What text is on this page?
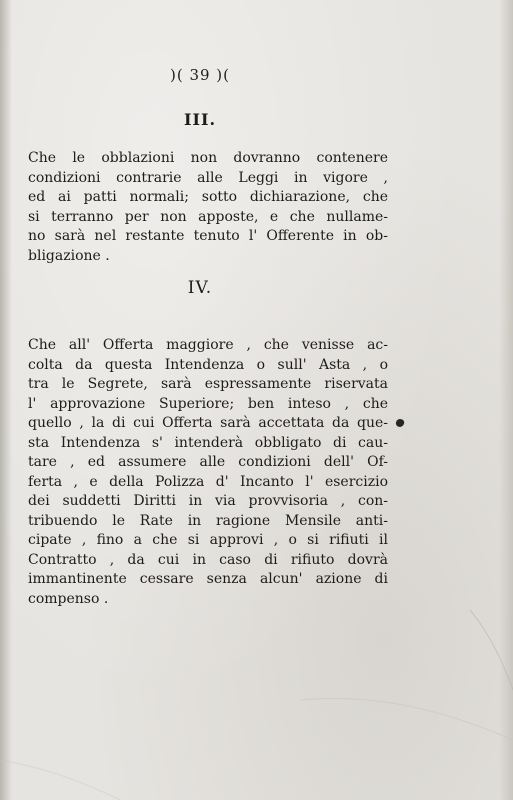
)( 39 )(
III.
Che le obblazioni non dovranno contenere
condizioni contrarie alle Leggi in vigore ,
ed ai patti normali; sotto dichiarazione, che
si terranno per non apposte, e che nullame-
no sarà nel restante tenuto l' Offerente in ob-
bligazione .
IV.
Che all' Offerta maggiore , che venisse ac-
colta da questa Intendenza o sull' Asta , o
tra le Segrete, sarà espressamente riservata
l' approvazione Superiore; ben inteso , che
quello , la di cui Offerta sarà accettata da que-
sta Intendenza s' intenderà obbligato di cau-
tare , ed assumere alle condizioni dell' Of-
ferta , e della Polizza d' Incanto l' esercizio
dei suddetti Diritti in via provvisoria , con-
tribuendo le Rate in ragione Mensile anti-
cipate , fino a che si approvi , o si rifiuti il
Contratto , da cui in caso di rifiuto dovrà
immantinente cessare senza alcun' azione di
compenso .
